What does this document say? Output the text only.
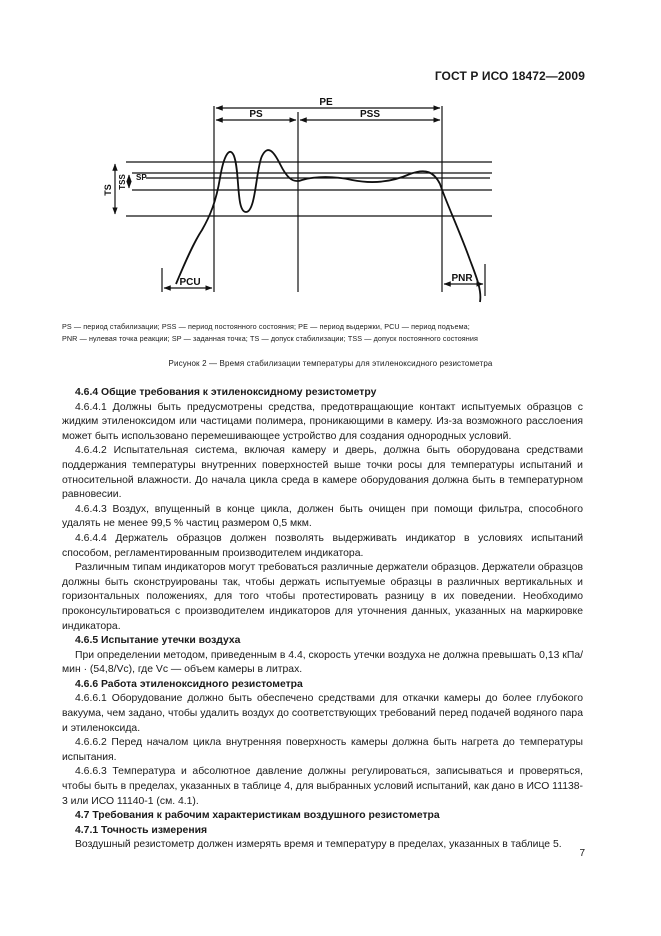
ГОСТ Р ИСО 18472—2009
PE
PS	PSS
SP
PCU	PNR
TS
TSS
PS — период стабилизации; PSS — период постоянного состояния; PE — период выдержки, PCU — период подъема;
PNR — нулевая точка реакции; SP — заданная точка; TS — допуск стабилизации; TSS — допуск постоянного состояния
Рисунок 2 — Время стабилизации температуры для этиленоксидного резистометра

4.6.4 Общие требования к этиленоксидному резистометру

4.6.4.1 Должны быть предусмотрены средства, предотвращающие контакт испытуемых образцов с жидким этиленоксидом или частицами полимера, проникающими в камеру. Из-за возможного расслоения может быть использовано перемешивающее устройство для создания однородных условий.

4.6.4.2 Испытательная система, включая камеру и дверь, должна быть оборудована средствами поддержания температуры внутренних поверхностей выше точки росы для температуры испытаний и относительной влажности. До начала цикла среда в камере оборудования должна быть в температурном равновесии.

4.6.4.3 Воздух, впущенный в конце цикла, должен быть очищен при помощи фильтра, способного удалять не менее 99,5 % частиц размером 0,5 мкм.

4.6.4.4 Держатель образцов должен позволять выдерживать индикатор в условиях испытаний способом, регламентированным производителем индикатора.

Различным типам индикаторов могут требоваться различные держатели образцов. Держатели образцов должны быть сконструированы так, чтобы держать испытуемые образцы в различных вертикальных и горизонтальных положениях, для того чтобы протестировать разницу в их поведении. Необходимо проконсультироваться с производителем индикаторов для уточнения данных, указанных на маркировке индикатора.

4.6.5 Испытание утечки воздуха

При определении методом, приведенным в 4.4, скорость утечки воздуха не должна превышать 0,13 кПа/мин · (54,8/Vc), где Vc — объем камеры в литрах.

4.6.6 Работа этиленоксидного резистометра

4.6.6.1 Оборудование должно быть обеспечено средствами для откачки камеры до более глубокого вакуума, чем задано, чтобы удалить воздух до соответствующих требований перед подачей водяного пара и этиленоксида.

4.6.6.2 Перед началом цикла внутренняя поверхность камеры должна быть нагрета до температуры испытания.

4.6.6.3 Температура и абсолютное давление должны регулироваться, записываться и проверяться, чтобы быть в пределах, указанных в таблице 4, для выбранных условий испытаний, как дано в ИСО 11138-3 или ИСО 11140-1 (см. 4.1).

4.7 Требования к рабочим характеристикам воздушного резистометра

4.7.1 Точность измерения

Воздушный резистометр должен измерять время и температуру в пределах, указанных в таблице 5.

7
